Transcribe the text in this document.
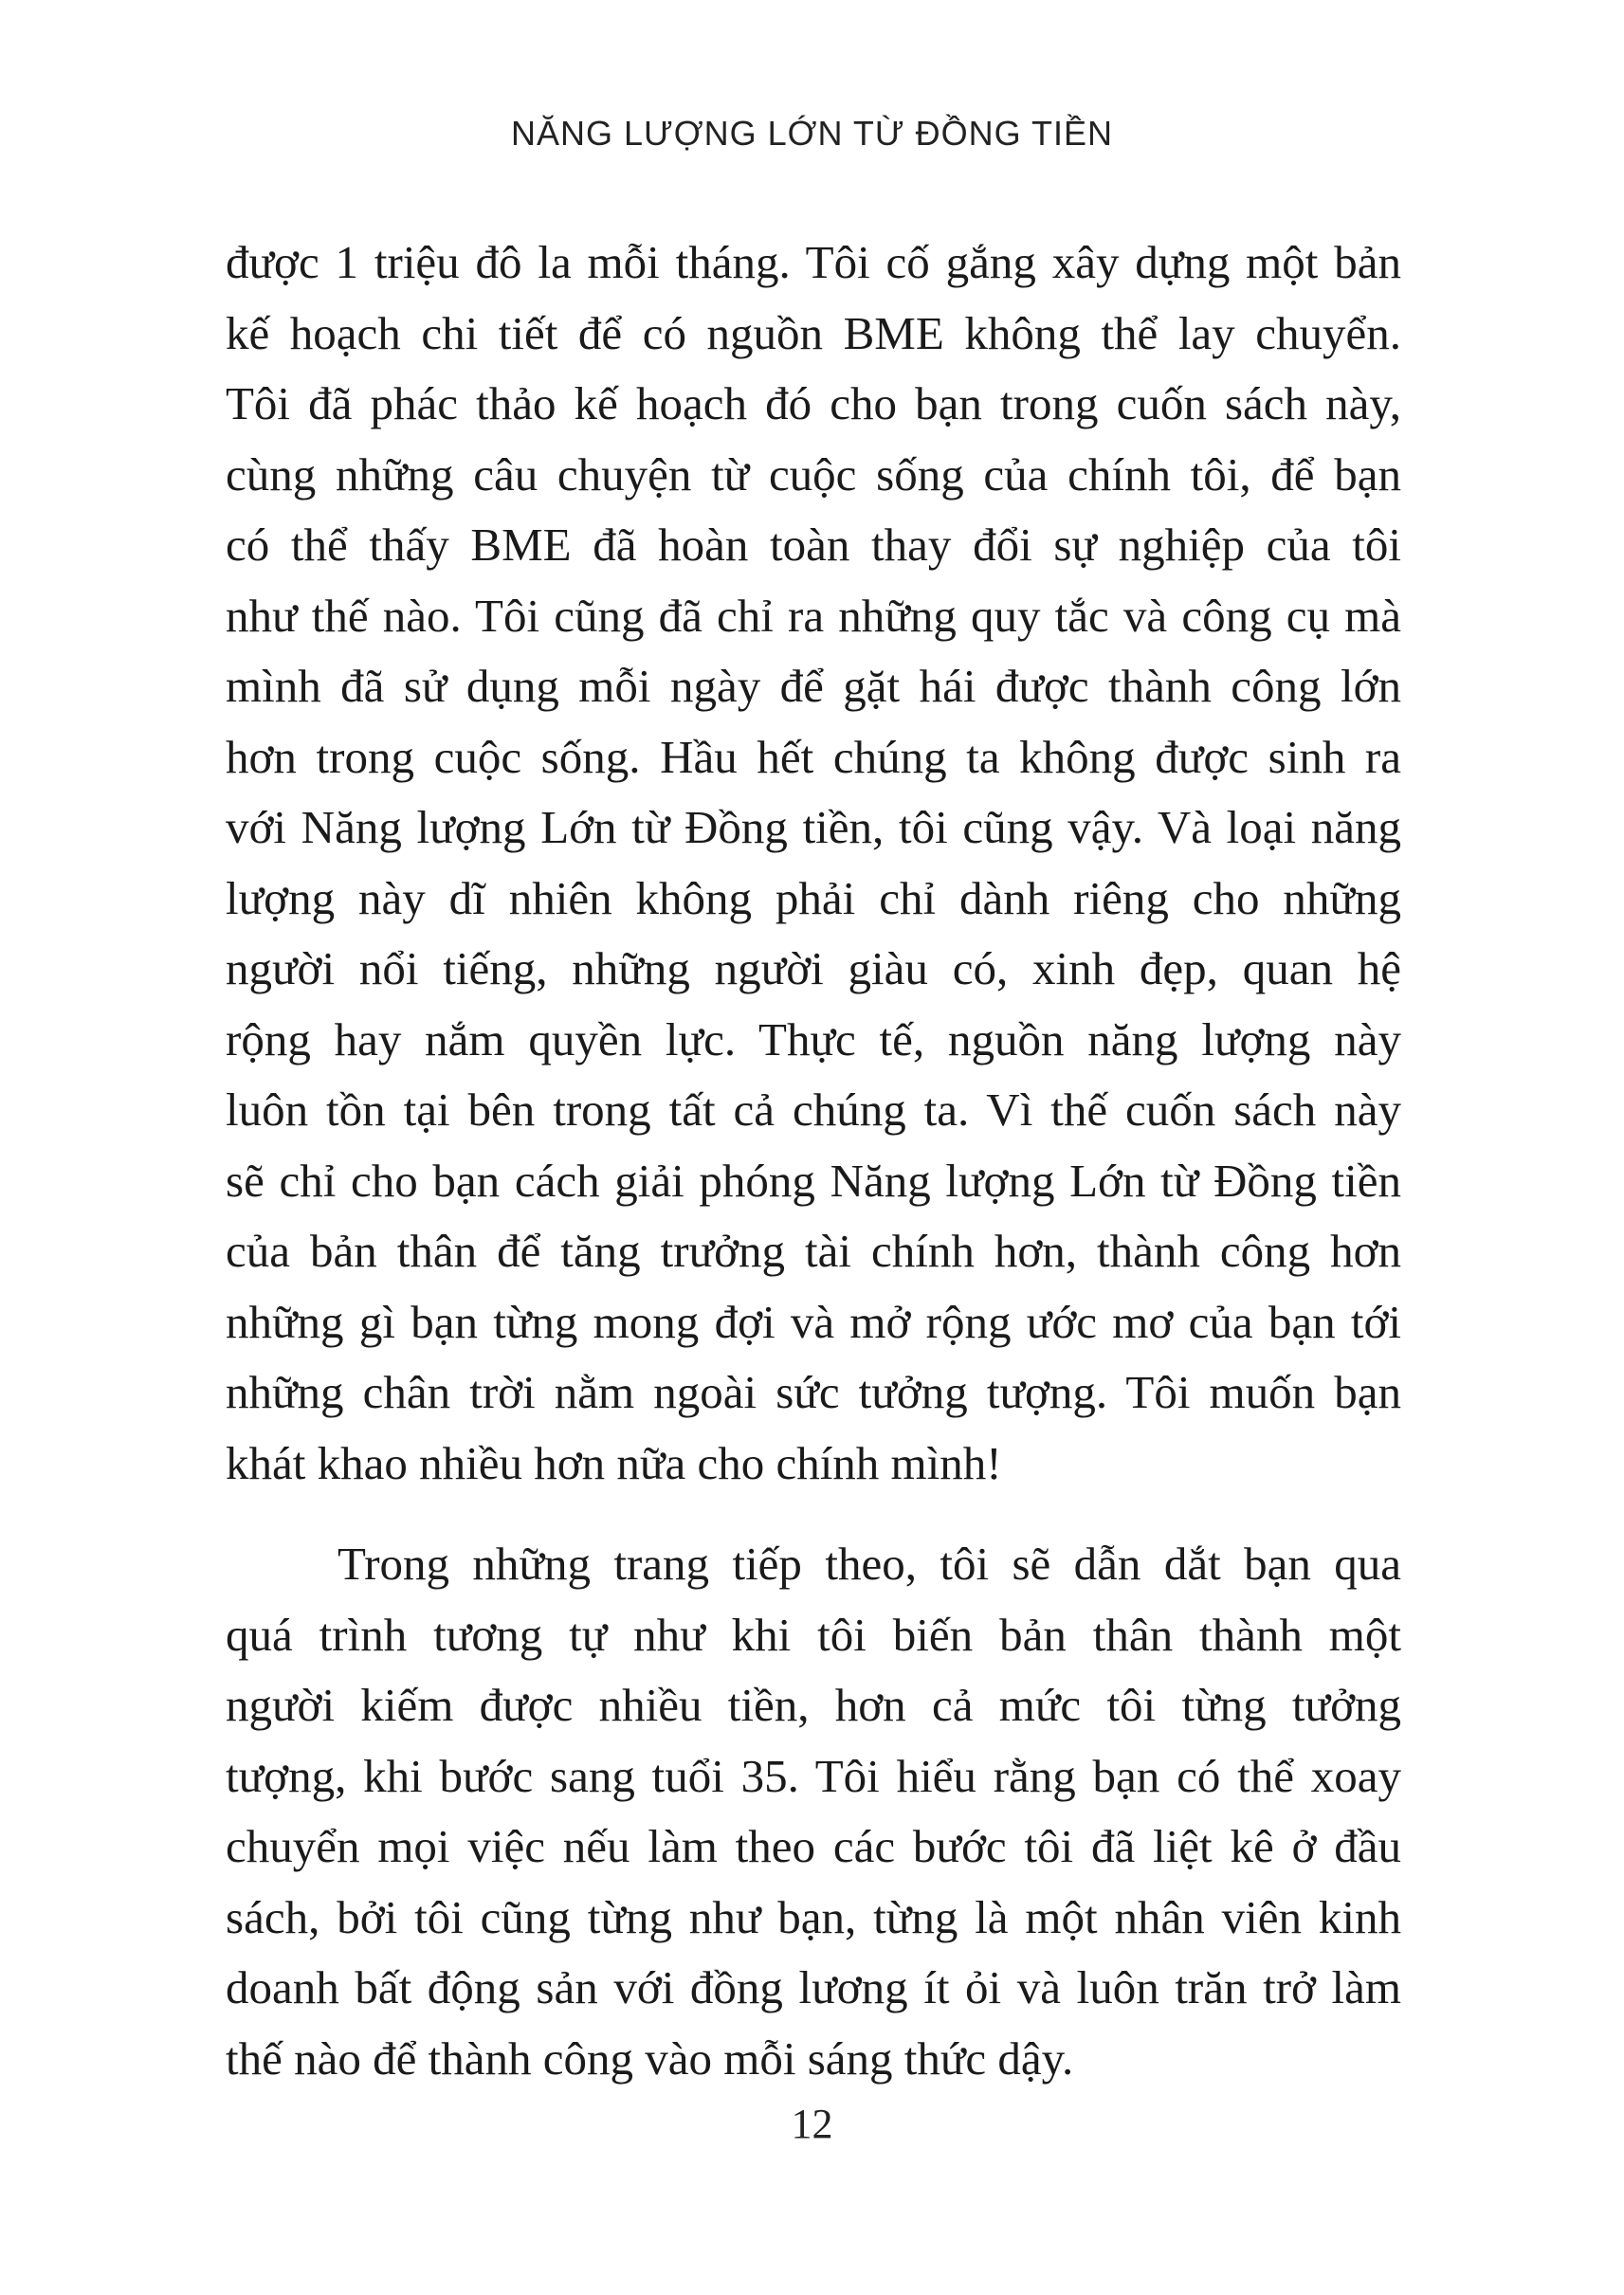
NĂNG LƯỢNG LỚN TỪ ĐỒNG TIỀN
được 1 triệu đô la mỗi tháng. Tôi cố gắng xây dựng một bản
kế hoạch chi tiết để có nguồn BME không thể lay chuyển.
Tôi đã phác thảo kế hoạch đó cho bạn trong cuốn sách này,
cùng những câu chuyện từ cuộc sống của chính tôi, để bạn
có thể thấy BME đã hoàn toàn thay đổi sự nghiệp của tôi
như thế nào. Tôi cũng đã chỉ ra những quy tắc và công cụ mà
mình đã sử dụng mỗi ngày để gặt hái được thành công lớn
hơn trong cuộc sống. Hầu hết chúng ta không được sinh ra
với Năng lượng Lớn từ Đồng tiền, tôi cũng vậy. Và loại năng
lượng này dĩ nhiên không phải chỉ dành riêng cho những
người nổi tiếng, những người giàu có, xinh đẹp, quan hệ
rộng hay nắm quyền lực. Thực tế, nguồn năng lượng này
luôn tồn tại bên trong tất cả chúng ta. Vì thế cuốn sách này
sẽ chỉ cho bạn cách giải phóng Năng lượng Lớn từ Đồng tiền
của bản thân để tăng trưởng tài chính hơn, thành công hơn
những gì bạn từng mong đợi và mở rộng ước mơ của bạn tới
những chân trời nằm ngoài sức tưởng tượng. Tôi muốn bạn
khát khao nhiều hơn nữa cho chính mình!
Trong những trang tiếp theo, tôi sẽ dẫn dắt bạn qua
quá trình tương tự như khi tôi biến bản thân thành một
người kiếm được nhiều tiền, hơn cả mức tôi từng tưởng
tượng, khi bước sang tuổi 35. Tôi hiểu rằng bạn có thể xoay
chuyển mọi việc nếu làm theo các bước tôi đã liệt kê ở đầu
sách, bởi tôi cũng từng như bạn, từng là một nhân viên kinh
doanh bất động sản với đồng lương ít ỏi và luôn trăn trở làm
thế nào để thành công vào mỗi sáng thức dậy.
12
